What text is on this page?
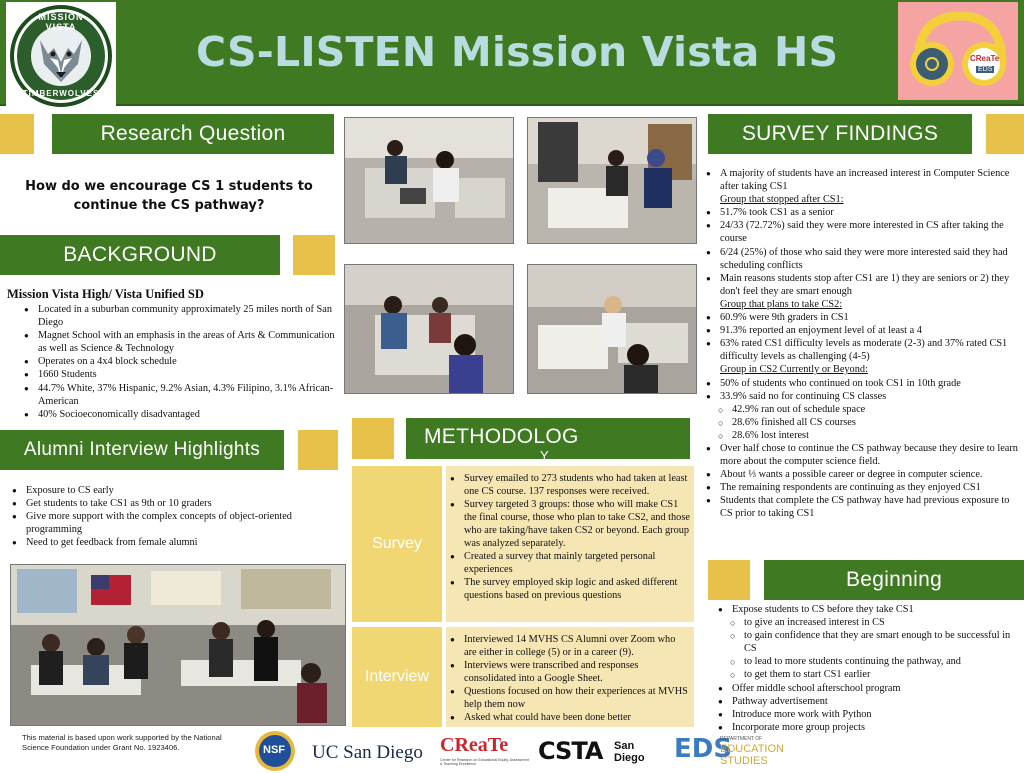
MISSION VISTA
TIMBERWOLVES
CS-LISTEN Mission Vista HS	CReaTe
EDS
Research Question
How do we encourage CS 1 students to continue the CS pathway?
BACKGROUND
Mission Vista High/ Vista Unified SD
● Located in a suburban community approximately 25 miles north of San Diego
● Magnet School with an emphasis in the areas of Arts & Communication as well as Science & Technology
● Operates on a 4x4 block schedule
● 1660 Students
● 44.7% White, 37% Hispanic, 9.2% Asian, 4.3% Filipino, 3.1% African-American
● 40% Socioeconomically disadvantaged
Alumni Interview Highlights
● Exposure to CS early
● Get students to take CS1 as 9th or 10 graders
● Give more support with the complex concepts of object-oriented programming
● Need to get feedback from female alumni
This material is based upon work supported by the National Science Foundation under Grant No. 1923406.
METHODOLOG
Y
Survey
● Survey emailed to 273 students who had taken at least one CS course. 137 responses were received.
● Survey targeted 3 groups: those who will make CS1 the final course, those who plan to take CS2, and those who are taking/have taken CS2 or beyond. Each group was analyzed separately.
● Created a survey that mainly targeted personal experiences
● The survey employed skip logic and asked different questions based on previous questions
Interview
● Interviewed 14 MVHS CS Alumni over Zoom who are either in college (5) or in a career (9).
● Interviews were transcribed and responses consolidated into a Google Sheet.
● Questions focused on how their experiences at MVHS help them now
● Asked what could have been done better
SURVEY FINDINGS
● A majority of students have an increased interest in Computer Science after taking CS1
Group that stopped after CS1:
● 51.7% took CS1 as a senior
● 24/33 (72.72%) said they were more interested in CS after taking the course
● 6/24 (25%) of those who said they were more interested said they had scheduling conflicts
● Main reasons students stop after CS1 are 1) they are seniors or 2) they don't feel they are smart enough
Group that plans to take CS2:
● 60.9% were 9th graders in CS1
● 91.3% reported an enjoyment level of at least a 4
● 63% rated CS1 difficulty levels as moderate (2-3) and 37% rated CS1 difficulty levels as challenging (4-5)
Group in CS2 Currently or Beyond:
● 50% of students who continued on took CS1 in 10th grade
● 33.9% said no for continuing CS classes
○ 42.9% ran out of schedule space
○ 28.6% finished all CS courses
○ 28.6% lost interest
● Over half chose to continue the CS pathway because they desire to learn more about the computer science field.
● About ⅓ wants a possible career or degree in computer science.
● The remaining respondents are continuing as they enjoyed CS1
● Students that complete the CS pathway have had previous exposure to CS prior to taking CS1
Beginning
● Expose students to CS before they take CS1
○ to give an increased interest in CS
○ to gain confidence that they are smart enough to be successful in CS
○ to lead to more students continuing the pathway, and
○ to get them to start CS1 earlier
● Offer middle school afterschool program
● Pathway advertisement
● Introduce more work with Python
● Incorporate more group projects
NSF UC San Diego CReaTe
Center for Research on Educational Equity, Assessment & Teaching Excellence	CSTA San Diego	EDS
DEPARTMENT OF
EDUCATION STUDIES
